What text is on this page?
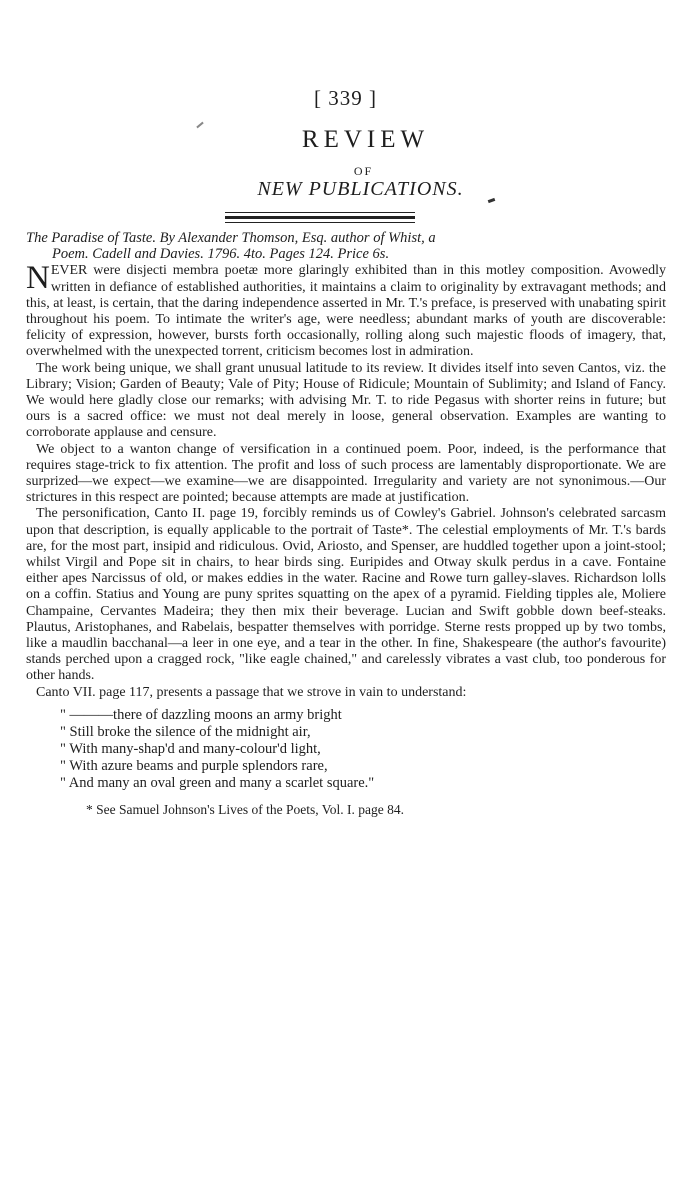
[ 339 ]
REVIEW
OF
NEW PUBLICATIONS.
The Paradise of Taste. By Alexander Thomson, Esq. author of Whist, a
Poem. Cadell and Davies. 1796. 4to. Pages 124. Price 6s.

NEVER were disjecti membra poetæ more glaringly exhibited than in this motley composition. Avowedly written in defiance of established authorities, it maintains a claim to originality by extravagant methods; and this, at least, is certain, that the daring independence asserted in Mr. T.'s preface, is preserved with unabating spirit throughout his poem. To intimate the writer's age, were needless; abundant marks of youth are discoverable: felicity of expression, however, bursts forth occasionally, rolling along such majestic floods of imagery, that, overwhelmed with the unexpected torrent, criticism becomes lost in admiration.

The work being unique, we shall grant unusual latitude to its review. It divides itself into seven Cantos, viz. the Library; Vision; Garden of Beauty; Vale of Pity; House of Ridicule; Mountain of Sublimity; and Island of Fancy. We would here gladly close our remarks; with advising Mr. T. to ride Pegasus with shorter reins in future; but ours is a sacred office: we must not deal merely in loose, general observation. Examples are wanting to corroborate applause and censure.

We object to a wanton change of versification in a continued poem. Poor, indeed, is the performance that requires stage-trick to fix attention. The profit and loss of such process are lamentably disproportionate. We are surprized—we expect—we examine—we are disappointed. Irregularity and variety are not synonimous.—Our strictures in this respect are pointed; because attempts are made at justification.

The personification, Canto II. page 19, forcibly reminds us of Cowley's Gabriel. Johnson's celebrated sarcasm upon that description, is equally applicable to the portrait of Taste*. The celestial employments of Mr. T.'s bards are, for the most part, insipid and ridiculous. Ovid, Ariosto, and Spenser, are huddled together upon a joint-stool; whilst Virgil and Pope sit in chairs, to hear birds sing. Euripides and Otway skulk perdus in a cave. Fontaine either apes Narcissus of old, or makes eddies in the water. Racine and Rowe turn galley-slaves. Richardson lolls on a coffin. Statius and Young are puny sprites squatting on the apex of a pyramid. Fielding tipples ale, Moliere Champaine, Cervantes Madeira; they then mix their beverage. Lucian and Swift gobble down beef-steaks. Plautus, Aristophanes, and Rabelais, bespatter themselves with porridge. Sterne rests propped up by two tombs, like a maudlin bacchanal—a leer in one eye, and a tear in the other. In fine, Shakespeare (the author's favourite) stands perched upon a cragged rock, "like eagle chained," and carelessly vibrates a vast club, too ponderous for other hands.

Canto VII. page 117, presents a passage that we strove in vain to understand:

" ———there of dazzling moons an army bright
" Still broke the silence of the midnight air,
" With many-shap'd and many-colour'd light,
" With azure beams and purple splendors rare,
" And many an oval green and many a scarlet square."
* See Samuel Johnson's Lives of the Poets, Vol. I. page 84.
